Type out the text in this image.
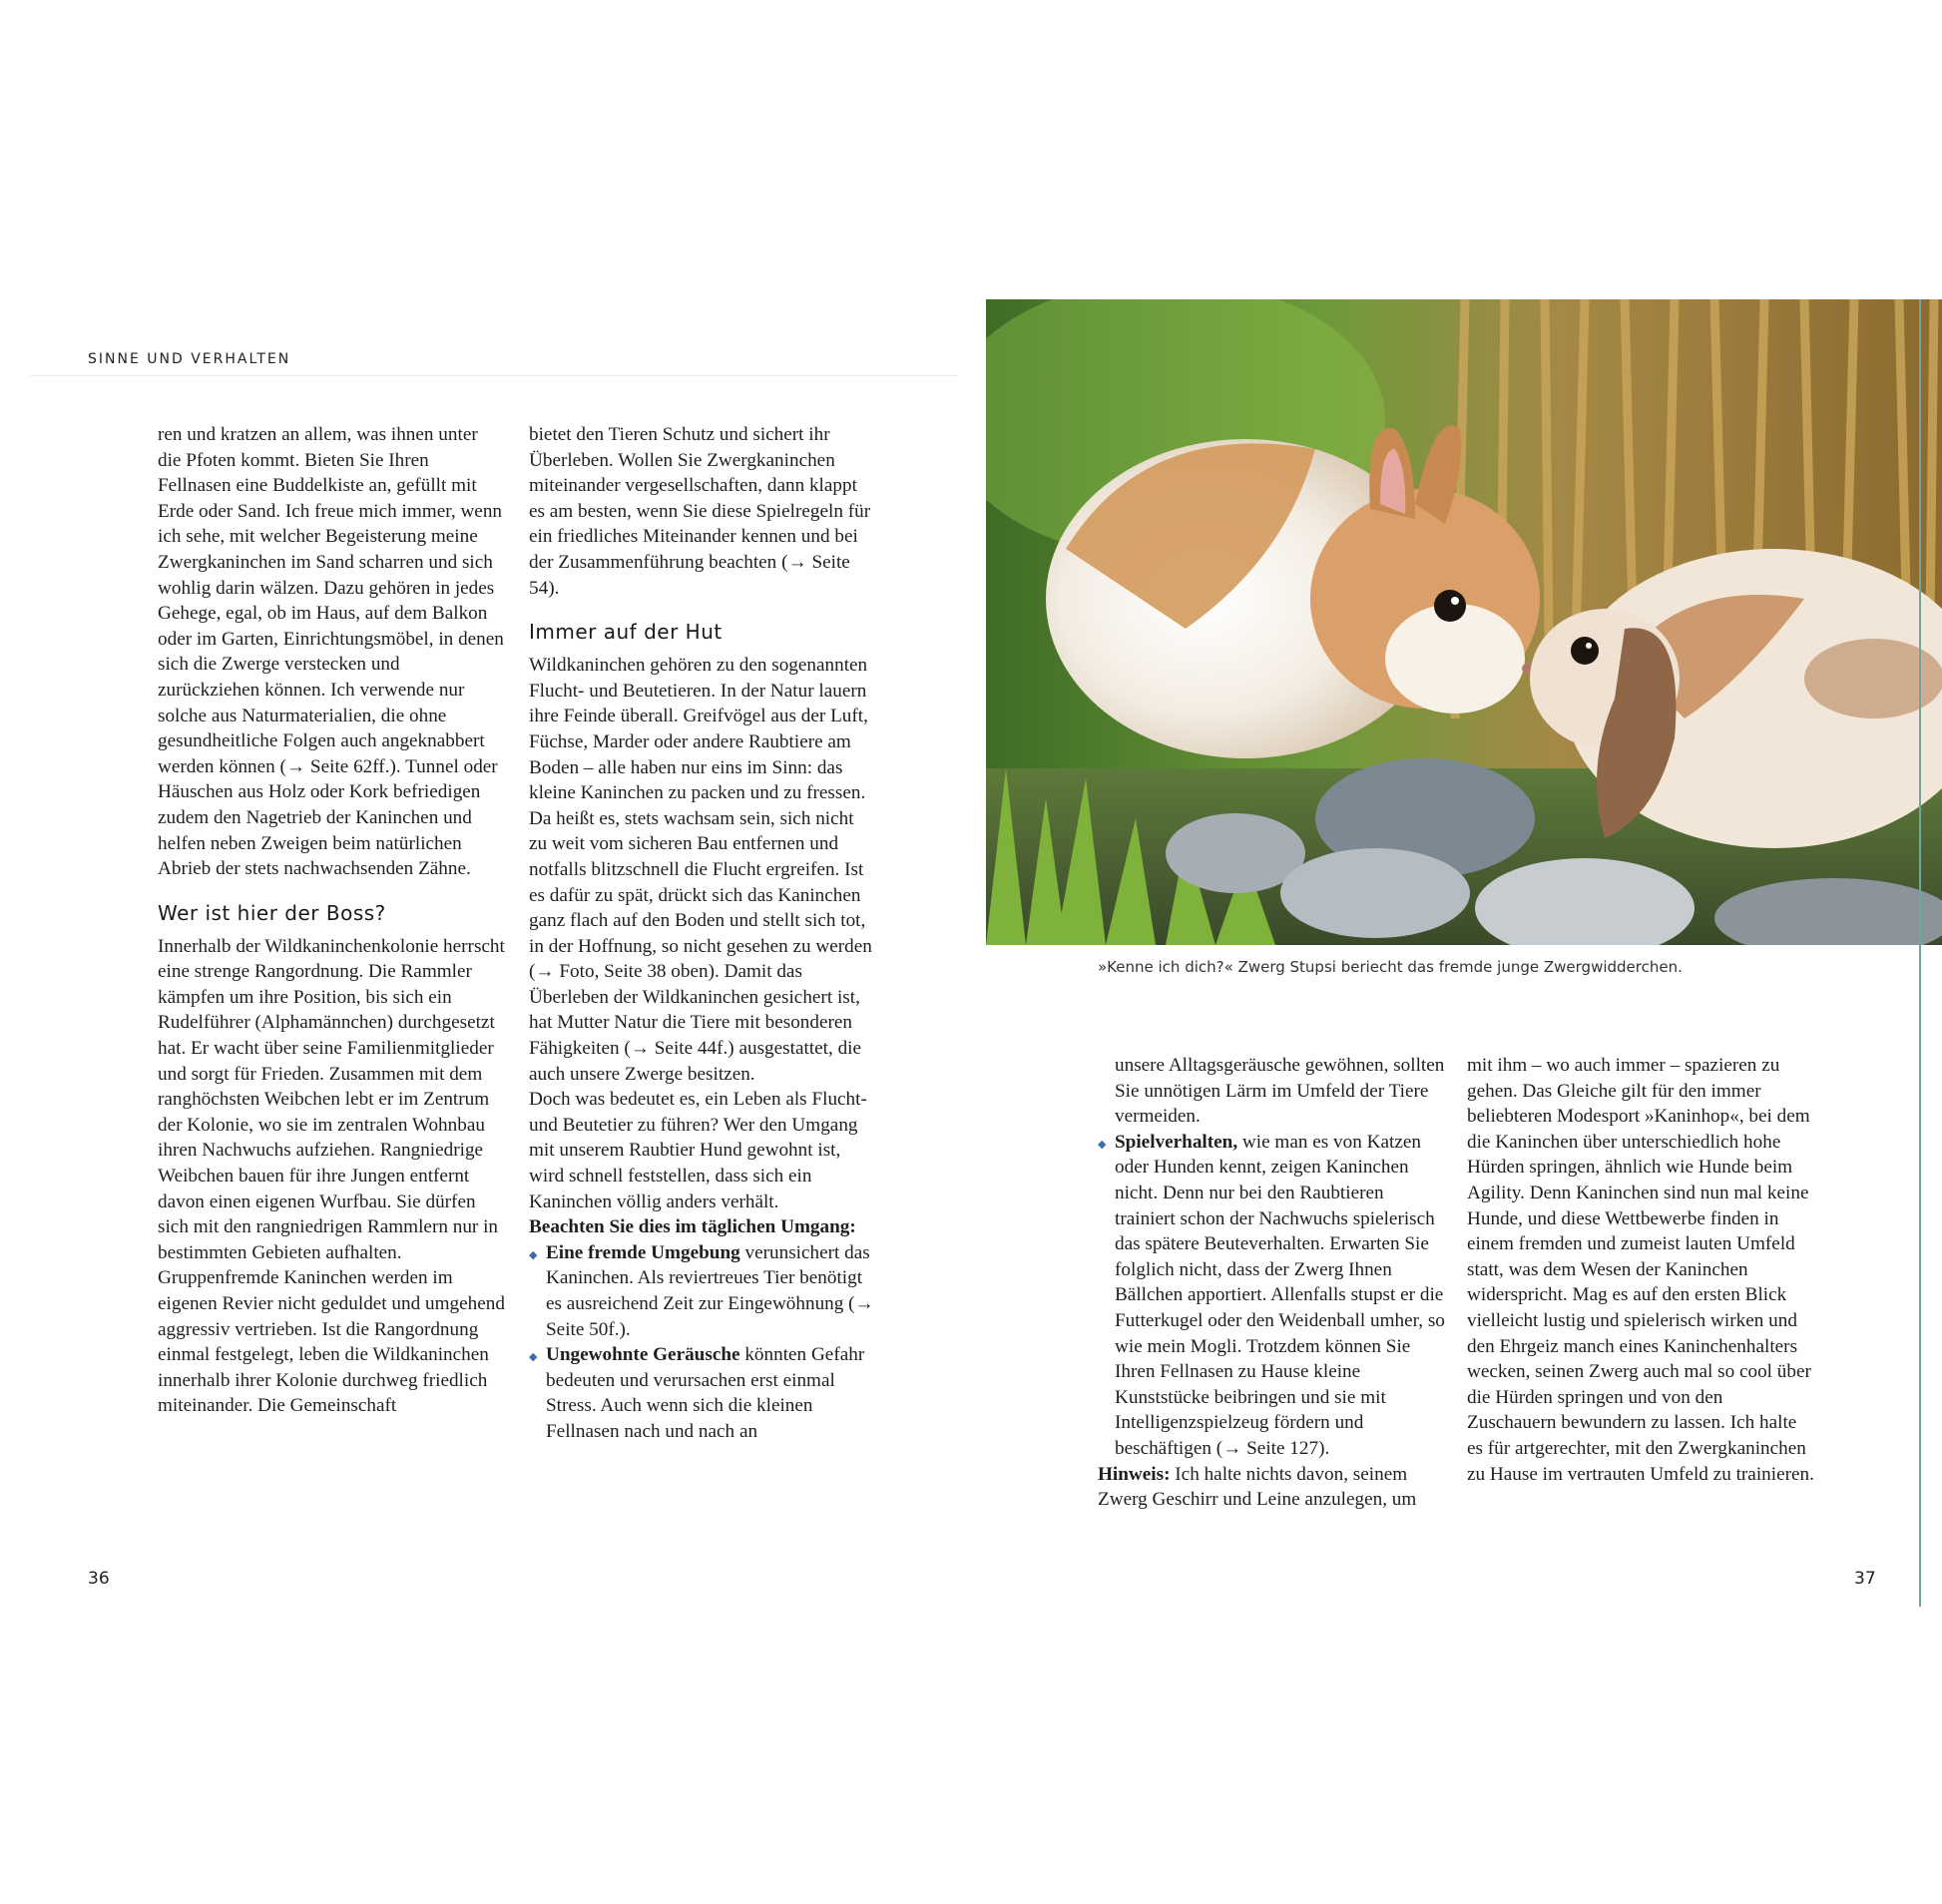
SINNE UND VERHALTEN

ren und kratzen an allem, was ihnen unter die Pfoten kommt. Bieten Sie Ihren Fellnasen eine Buddelkiste an, gefüllt mit Erde oder Sand. Ich freue mich immer, wenn ich sehe, mit welcher Begeisterung meine Zwergkaninchen im Sand scharren und sich wohlig darin wälzen. Dazu gehören in jedes Gehege, egal, ob im Haus, auf dem Balkon oder im Garten, Einrichtungsmöbel, in denen sich die Zwerge verstecken und zurückziehen können. Ich verwende nur solche aus Naturmaterialien, die ohne gesundheitliche Folgen auch angeknabbert werden können (→ Seite 62ff.). Tunnel oder Häuschen aus Holz oder Kork befriedigen zudem den Nagetrieb der Kaninchen und helfen neben Zweigen beim natürlichen Abrieb der stets nachwachsenden Zähne.

Wer ist hier der Boss?

Innerhalb der Wildkaninchenkolonie herrscht eine strenge Rangordnung. Die Rammler kämpfen um ihre Position, bis sich ein Rudelführer (Alphamännchen) durchgesetzt hat. Er wacht über seine Familienmitglieder und sorgt für Frieden. Zusammen mit dem ranghöchsten Weibchen lebt er im Zentrum der Kolonie, wo sie im zentralen Wohnbau ihren Nachwuchs aufziehen. Rangniedrige Weibchen bauen für ihre Jungen entfernt davon einen eigenen Wurfbau. Sie dürfen sich mit den rangniedrigen Rammlern nur in bestimmten Gebieten aufhalten. Gruppenfremde Kaninchen werden im eigenen Revier nicht geduldet und umgehend aggressiv vertrieben. Ist die Rangordnung einmal festgelegt, leben die Wildkaninchen innerhalb ihrer Kolonie durchweg friedlich miteinander. Die Gemeinschaft

bietet den Tieren Schutz und sichert ihr Überleben. Wollen Sie Zwergkaninchen miteinander vergesellschaften, dann klappt es am besten, wenn Sie diese Spielregeln für ein friedliches Miteinander kennen und bei der Zusammenführung beachten (→ Seite 54).

Immer auf der Hut

Wildkaninchen gehören zu den sogenannten Flucht- und Beutetieren. In der Natur lauern ihre Feinde überall. Greifvögel aus der Luft, Füchse, Marder oder andere Raubtiere am Boden – alle haben nur eins im Sinn: das kleine Kaninchen zu packen und zu fressen. Da heißt es, stets wachsam sein, sich nicht zu weit vom sicheren Bau entfernen und notfalls blitzschnell die Flucht ergreifen. Ist es dafür zu spät, drückt sich das Kaninchen ganz flach auf den Boden und stellt sich tot, in der Hoffnung, so nicht gesehen zu werden (→ Foto, Seite 38 oben). Damit das Überleben der Wildkaninchen gesichert ist, hat Mutter Natur die Tiere mit besonderen Fähigkeiten (→ Seite 44f.) ausgestattet, die auch unsere Zwerge besitzen.

Doch was bedeutet es, ein Leben als Flucht- und Beutetier zu führen? Wer den Umgang mit unserem Raubtier Hund gewohnt ist, wird schnell feststellen, dass sich ein Kaninchen völlig anders verhält.

Beachten Sie dies im täglichen Umgang:

◆ Eine fremde Umgebung verunsichert das Kaninchen. Als reviertreues Tier benötigt es ausreichend Zeit zur Eingewöhnung (→ Seite 50f.).

◆ Ungewohnte Geräusche könnten Gefahr bedeuten und verursachen erst einmal Stress. Auch wenn sich die kleinen Fellnasen nach und nach an

»Kenne ich dich?« Zwerg Stupsi beriecht das fremde junge Zwergwidderchen.

unsere Alltagsgeräusche gewöhnen, sollten Sie unnötigen Lärm im Umfeld der Tiere vermeiden.

◆ Spielverhalten, wie man es von Katzen oder Hunden kennt, zeigen Kaninchen nicht. Denn nur bei den Raubtieren trainiert schon der Nachwuchs spielerisch das spätere Beuteverhalten. Erwarten Sie folglich nicht, dass der Zwerg Ihnen Bällchen apportiert. Allenfalls stupst er die Futterkugel oder den Weidenball umher, so wie mein Mogli. Trotzdem können Sie Ihren Fellnasen zu Hause kleine Kunststücke beibringen und sie mit Intelligenzspielzeug fördern und beschäftigen (→ Seite 127).

Hinweis: Ich halte nichts davon, seinem Zwerg Geschirr und Leine anzulegen, um

mit ihm – wo auch immer – spazieren zu gehen. Das Gleiche gilt für den immer beliebteren Modesport »Kaninhop«, bei dem die Kaninchen über unterschiedlich hohe Hürden springen, ähnlich wie Hunde beim Agility. Denn Kaninchen sind nun mal keine Hunde, und diese Wettbewerbe finden in einem fremden und zumeist lauten Umfeld statt, was dem Wesen der Kaninchen widerspricht. Mag es auf den ersten Blick vielleicht lustig und spielerisch wirken und den Ehrgeiz manch eines Kaninchenhalters wecken, seinen Zwerg auch mal so cool über die Hürden springen und von den Zuschauern bewundern zu lassen. Ich halte es für artgerechter, mit den Zwergkaninchen zu Hause im vertrauten Umfeld zu trainieren.

36	37
